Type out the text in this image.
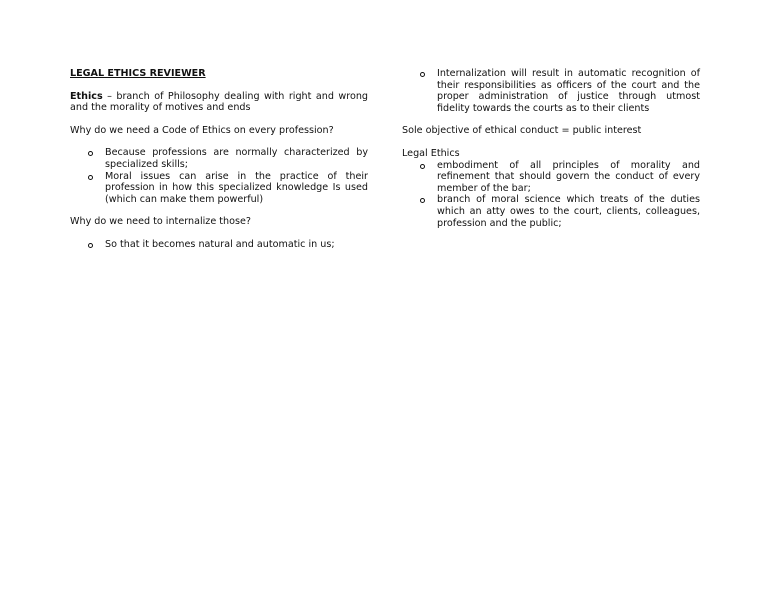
LEGAL ETHICS REVIEWER

Ethics – branch of Philosophy dealing with right and wrong and the morality of motives and ends

Why do we need a Code of Ethics on every profession?

Because professions are normally characterized by specialized skills;
Moral issues can arise in the practice of their profession in how this specialized knowledge Is used (which can make them powerful)

Why do we need to internalize those?

So that it becomes natural and automatic in us;
Internalization will result in automatic recognition of their responsibilities as officers of the court and the proper administration of justice through utmost fidelity towards the courts as to their clients

Sole objective of ethical conduct = public interest

Legal Ethics
embodiment of all principles of morality and refinement that should govern the conduct of every member of the bar;
branch of moral science which treats of the duties which an atty owes to the court, clients, colleagues, profession and the public;
